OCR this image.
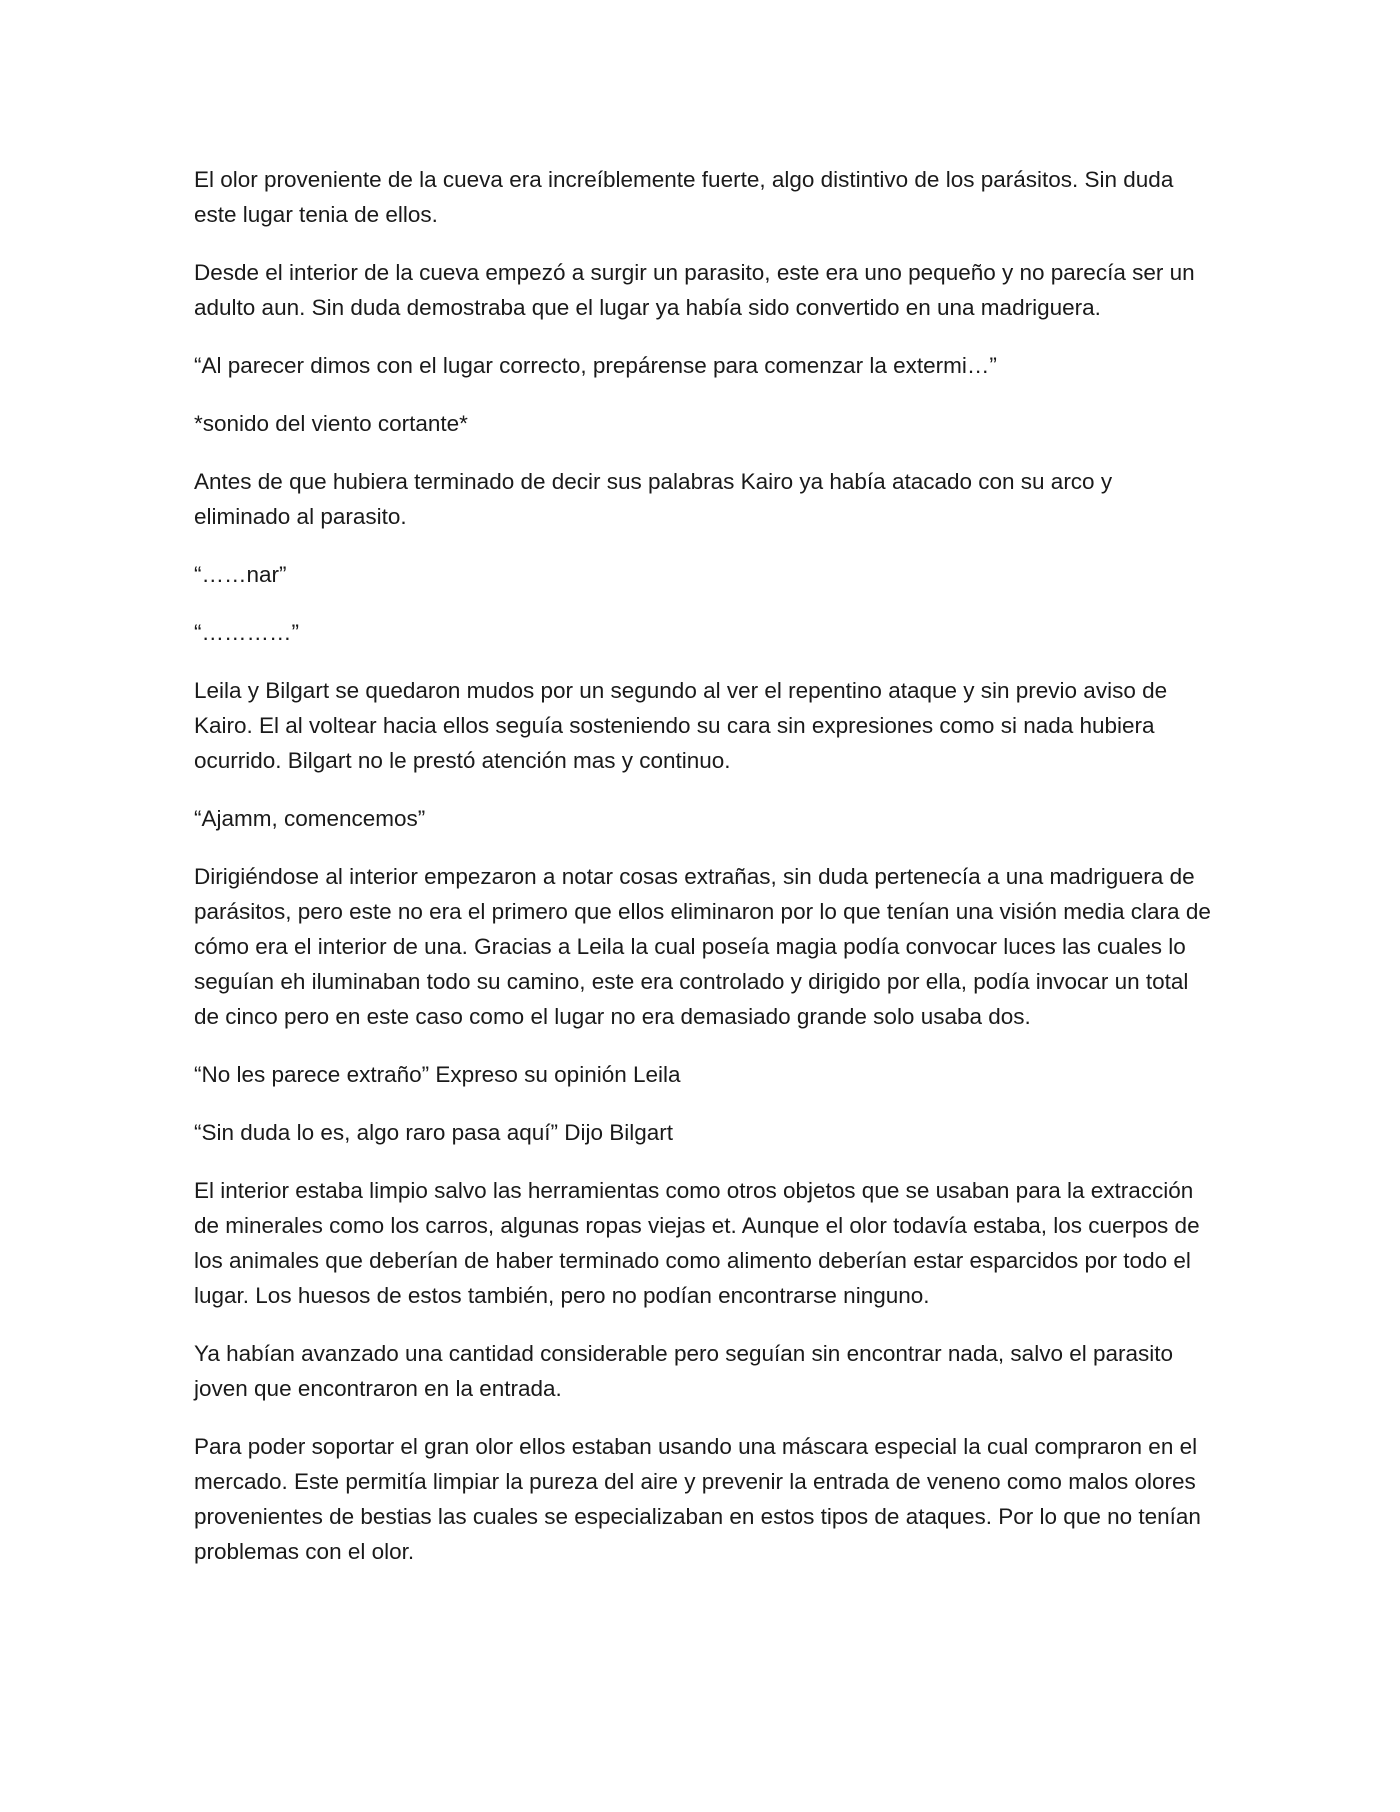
El olor proveniente de la cueva era increíblemente fuerte, algo distintivo de los parásitos. Sin duda este lugar tenia de ellos.

Desde el interior de la cueva empezó a surgir un parasito, este era uno pequeño y no parecía ser un adulto aun. Sin duda demostraba que el lugar ya había sido convertido en una madriguera.

“Al parecer dimos con el lugar correcto, prepárense para comenzar la extermi…”

*sonido del viento cortante*

Antes de que hubiera terminado de decir sus palabras Kairo ya había atacado con su arco y eliminado al parasito.

“……nar”

“…………”

Leila y Bilgart se quedaron mudos por un segundo al ver el repentino ataque y sin previo aviso de Kairo. El al voltear hacia ellos seguía sosteniendo su cara sin expresiones como si nada hubiera ocurrido. Bilgart no le prestó atención mas y continuo.

“Ajamm, comencemos”

Dirigiéndose al interior empezaron a notar cosas extrañas, sin duda pertenecía a una madriguera de parásitos, pero este no era el primero que ellos eliminaron por lo que tenían una visión media clara de cómo era el interior de una. Gracias a Leila la cual poseía magia podía convocar luces las cuales lo seguían eh iluminaban todo su camino, este era controlado y dirigido por ella, podía invocar un total de cinco pero en este caso como el lugar no era demasiado grande solo usaba dos.

“No les parece extraño” Expreso su opinión Leila

“Sin duda lo es, algo raro pasa aquí” Dijo Bilgart

El interior estaba limpio salvo las herramientas como otros objetos que se usaban para la extracción de minerales como los carros, algunas ropas viejas et. Aunque el olor todavía estaba, los cuerpos de los animales que deberían de haber terminado como alimento deberían estar esparcidos por todo el lugar. Los huesos de estos también, pero no podían encontrarse ninguno.

Ya habían avanzado una cantidad considerable pero seguían sin encontrar nada, salvo el parasito joven que encontraron en la entrada.

Para poder soportar el gran olor ellos estaban usando una máscara especial la cual compraron en el mercado. Este permitía limpiar la pureza del aire y prevenir la entrada de veneno como malos olores provenientes de bestias las cuales se especializaban en estos tipos de ataques. Por lo que no tenían problemas con el olor.
